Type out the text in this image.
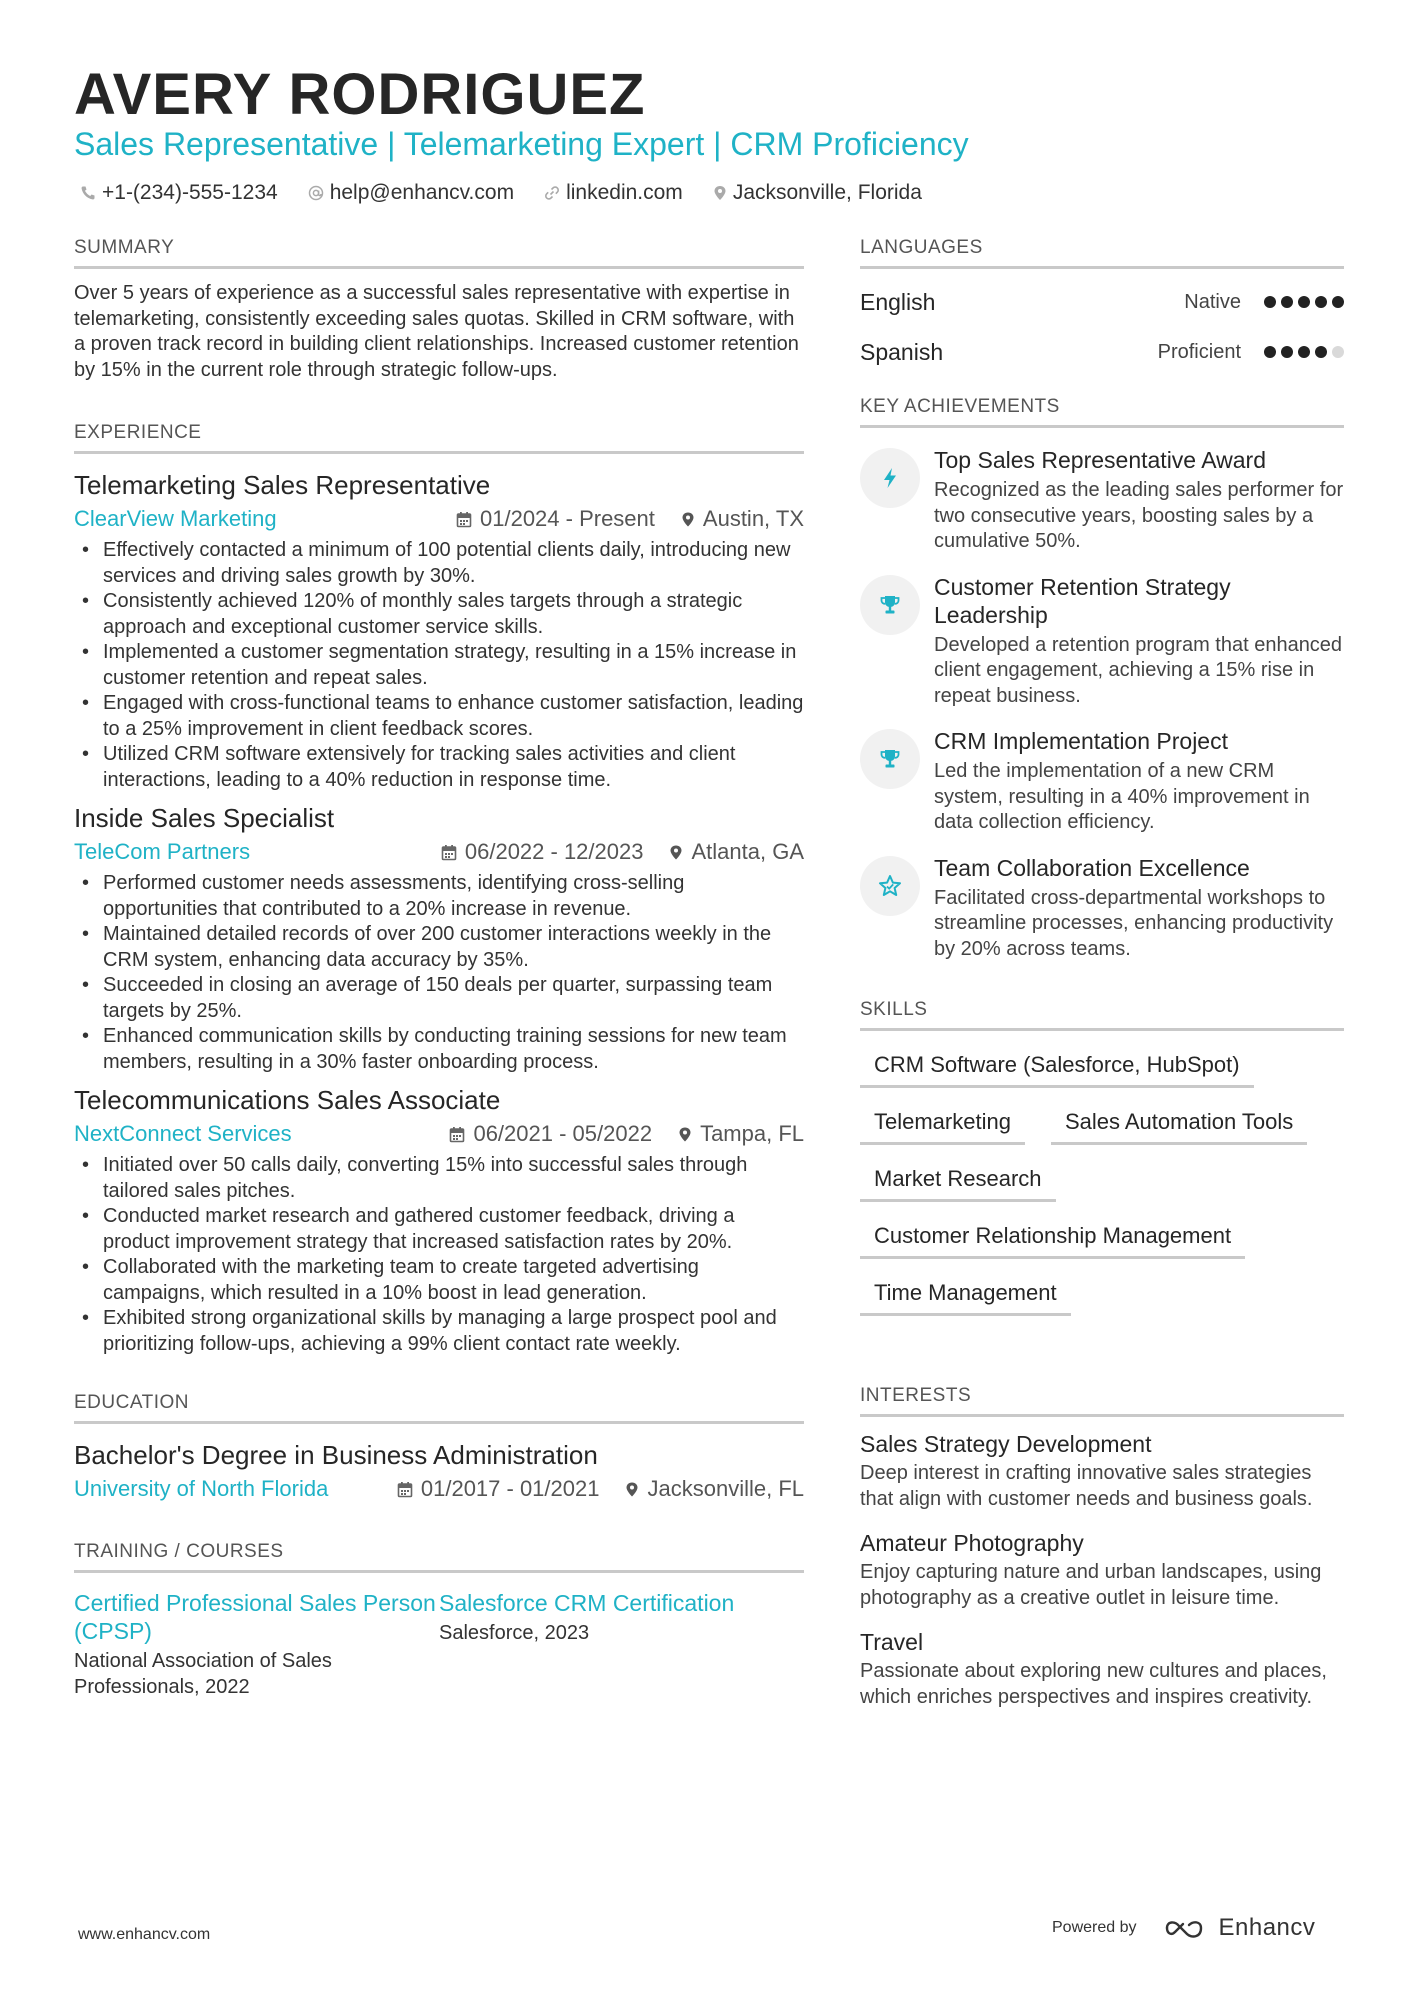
AVERY RODRIGUEZ
Sales Representative | Telemarketing Expert | CRM Proficiency
+1-(234)-555-1234 help@enhancv.com linkedin.com Jacksonville, Florida
SUMMARY
Over 5 years of experience as a successful sales representative with expertise in telemarketing, consistently exceeding sales quotas. Skilled in CRM software, with a proven track record in building client relationships. Increased customer retention by 15% in the current role through strategic follow-ups.
EXPERIENCE
Telemarketing Sales Representative
ClearView Marketing	01/2024 - Present Austin, TX
• Effectively contacted a minimum of 100 potential clients daily, introducing new services and driving sales growth by 30%.
• Consistently achieved 120% of monthly sales targets through a strategic approach and exceptional customer service skills.
• Implemented a customer segmentation strategy, resulting in a 15% increase in customer retention and repeat sales.
• Engaged with cross-functional teams to enhance customer satisfaction, leading to a 25% improvement in client feedback scores.
• Utilized CRM software extensively for tracking sales activities and client interactions, leading to a 40% reduction in response time.
Inside Sales Specialist
TeleCom Partners	06/2022 - 12/2023 Atlanta, GA
• Performed customer needs assessments, identifying cross-selling opportunities that contributed to a 20% increase in revenue.
• Maintained detailed records of over 200 customer interactions weekly in the CRM system, enhancing data accuracy by 35%.
• Succeeded in closing an average of 150 deals per quarter, surpassing team targets by 25%.
• Enhanced communication skills by conducting training sessions for new team members, resulting in a 30% faster onboarding process.
Telecommunications Sales Associate
NextConnect Services	06/2021 - 05/2022 Tampa, FL
• Initiated over 50 calls daily, converting 15% into successful sales through tailored sales pitches.
• Conducted market research and gathered customer feedback, driving a product improvement strategy that increased satisfaction rates by 20%.
• Collaborated with the marketing team to create targeted advertising campaigns, which resulted in a 10% boost in lead generation.
• Exhibited strong organizational skills by managing a large prospect pool and prioritizing follow-ups, achieving a 99% client contact rate weekly.
EDUCATION
Bachelor's Degree in Business Administration
University of North Florida	01/2017 - 01/2021 Jacksonville, FL
TRAINING / COURSES
Certified Professional Sales Person (CPSP)
National Association of Sales Professionals, 2022
Salesforce CRM Certification
Salesforce, 2023
LANGUAGES
English	Native
Spanish	Proficient
KEY ACHIEVEMENTS
Top Sales Representative Award
Recognized as the leading sales performer for two consecutive years, boosting sales by a cumulative 50%.
Customer Retention Strategy Leadership
Developed a retention program that enhanced client engagement, achieving a 15% rise in repeat business.
CRM Implementation Project
Led the implementation of a new CRM system, resulting in a 40% improvement in data collection efficiency.
Team Collaboration Excellence
Facilitated cross-departmental workshops to streamline processes, enhancing productivity by 20% across teams.
SKILLS
CRM Software (Salesforce, HubSpot)
Telemarketing	Sales Automation Tools
Market Research
Customer Relationship Management
Time Management
INTERESTS
Sales Strategy Development
Deep interest in crafting innovative sales strategies that align with customer needs and business goals.
Amateur Photography
Enjoy capturing nature and urban landscapes, using photography as a creative outlet in leisure time.
Travel
Passionate about exploring new cultures and places, which enriches perspectives and inspires creativity.
www.enhancv.com	Powered by	Enhancv
